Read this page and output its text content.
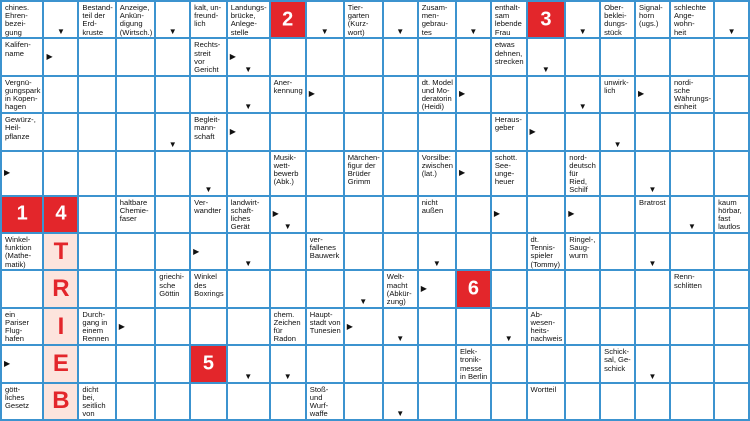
chines.
Ehren-
bezei-
gung	▼
Bestand-
teil der
Erd-
kruste
Anzeige,
Ankün-
digung
(Wirtsch.) ▼
kalt, un-
freund-
lich
Landungs-
brücke,
Anlege-
stelle
2
▼
Tier-
garten
(Kurz-
wort)	▼
Zusam-
men-
gebrau-
tes	▼
enthalt-
sam
lebende
Frau
3
▼
Ober-
beklei-
dungs-
stück
Signal-
horn
(ugs.)
schlechte
Ange-
wohn-
heit	▼
Kalifen-
name	▶
Rechts-
streit
vor
Gericht
▶
▼
etwas
dehnen,
strecken
▼
Vergnü-
gungspark
in Kopen-
hagen	▼
Aner-
kennung ▶
dt. Model
und Mo-
deratorin
(Heidi)
▶
▼
unwirk-
lich	▶
nordi-
sche
Währungs-
einheit
Gewürz-,
Heil-
pflanze
▼
Begleit-
mann-
schaft
▶
Heraus-
geber	▶
▼
▶
▼
Musik-
wett-
bewerb
(Abk.)
Märchen-
figur der
Brüder
Grimm
Vorsilbe:
zwischen
(lat.)	▶
schott.
See-
unge-
heuer
nord-
deutsch
für Ried,
Schilf	▼
1	4
haltbare
Chemie-
faser
Ver-
wandter
landwirt-
schaft-
liches
Gerät
▶
▼
nicht
außen	▶	▶
Bratrost
▼
kaum
hörbar,
fast
lautlos
Winkel-
funktion
(Mathe-
matik)	T	▶
▼
ver-
fallenes
Bauwerk
▼
dt.
Tennis-
spieler
(Tommy)
Ringel-,
Saug-
wurm
▼
R	griechi-
sche
Göttin
Winkel
des
Boxrings
▼
Welt-
macht
(Abkür-
zung)
▶	6
Renn-
schlitten
ein
Pariser
Flug-
hafen	I	Durch-
gang in
einem
Rennen
▶
chem.
Zeichen
für
Radon
Haupt-
stadt von
Tunesien
▶
▼	▼
Ab-
wesen-
heits-
nachweis
▶	E	5
▼	▼
Elek-
tronik-
messe
in Berlin
Schick-
sal, Ge-
schick
▼
gött-
liches
Gesetz B	dicht
bei,
seitlich
von
Stoß-
und
Wurf-
waffe	▼
Wortteil
